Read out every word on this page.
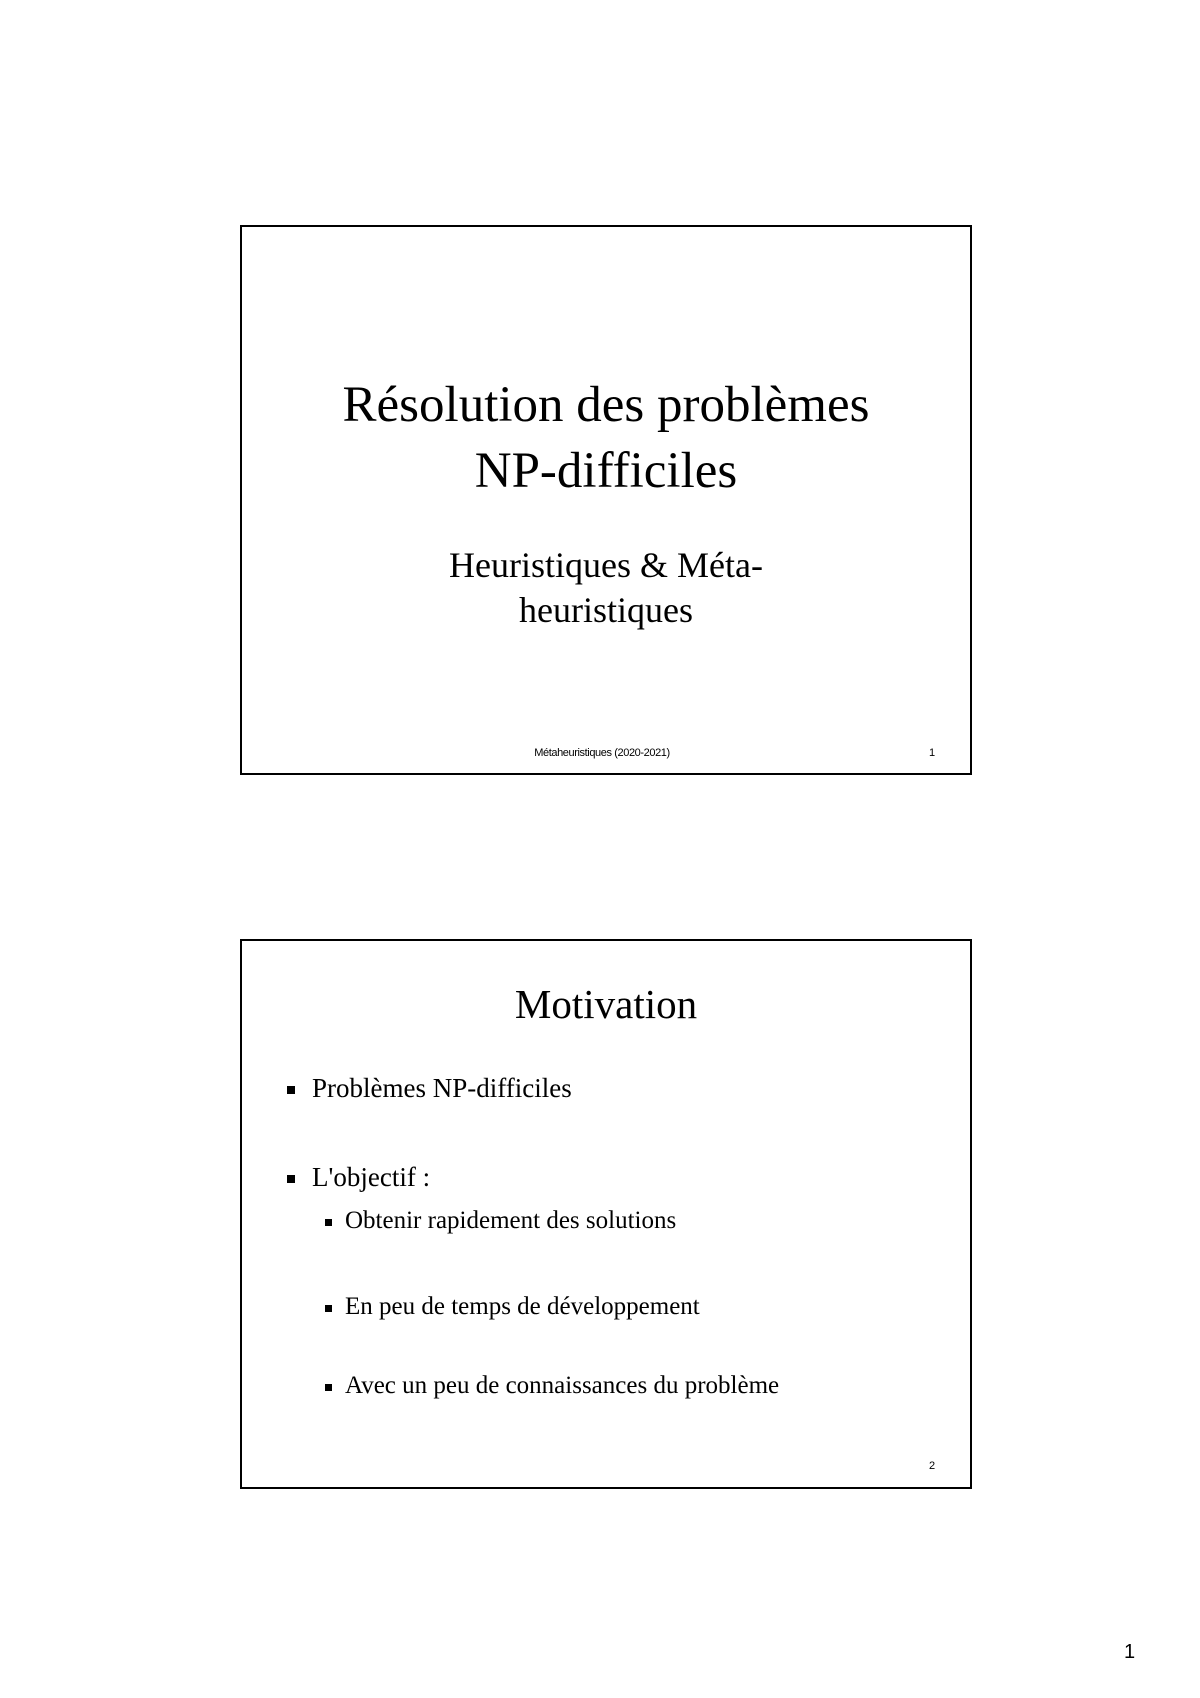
Résolution des problèmes
NP-difficiles
Heuristiques & Méta-
heuristiques
Métaheuristiques (2020-2021)	1
Motivation
Problèmes NP-difficiles
L'objectif :
Obtenir rapidement des solutions
En peu de temps de développement
Avec un peu de connaissances du problème
2
1
